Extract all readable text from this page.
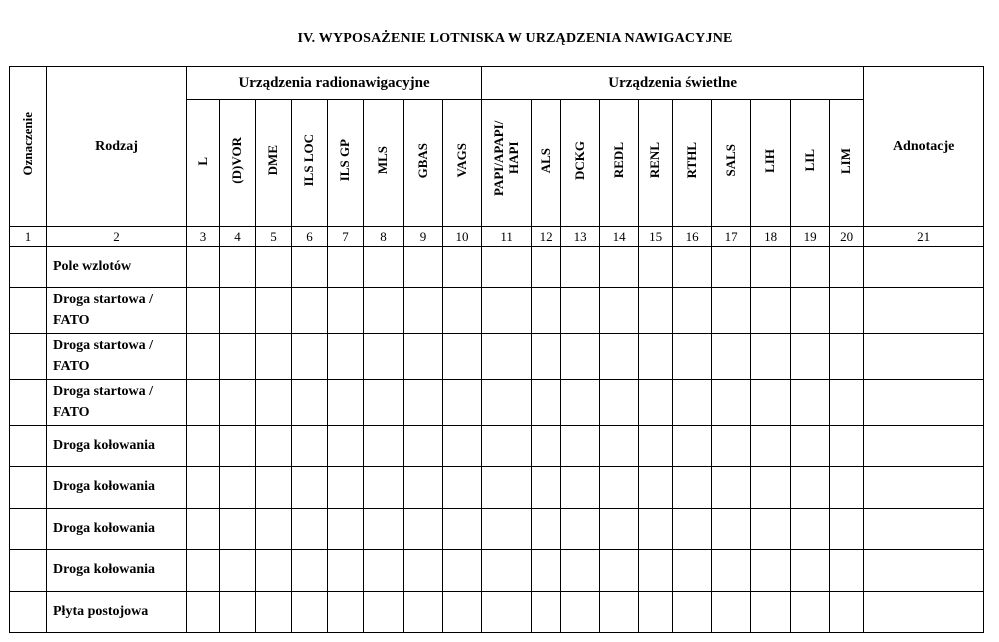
IV. WYPOSAŻENIE LOTNISKA W URZĄDZENIA NAWIGACYJNE
Oznaczenie	Rodzaj	Urządzenia radionawigacyjne								Urządzenia świetlne										Adnotacje
		L	(D)VOR	DME	ILS LOC	ILS GP	MLS	GBAS	VAGS	PAPI/APAPI/ HAPI	ALS	DCKG	REDL	RENL	RTHL	SALS	LIH	LIL	LIM	
1	2	3	4	5	6	7	8	9	10	11	12	13	14	15	16	17	18	19	20	21

	Pole wzlotów																			

	Droga startowa /
FATO																			

	Droga startowa /
FATO																			

	Droga startowa /
FATO																			

	Droga kołowania																			

	Droga kołowania																			

	Droga kołowania																			

	Droga kołowania																			

	Płyta postojowa																			
